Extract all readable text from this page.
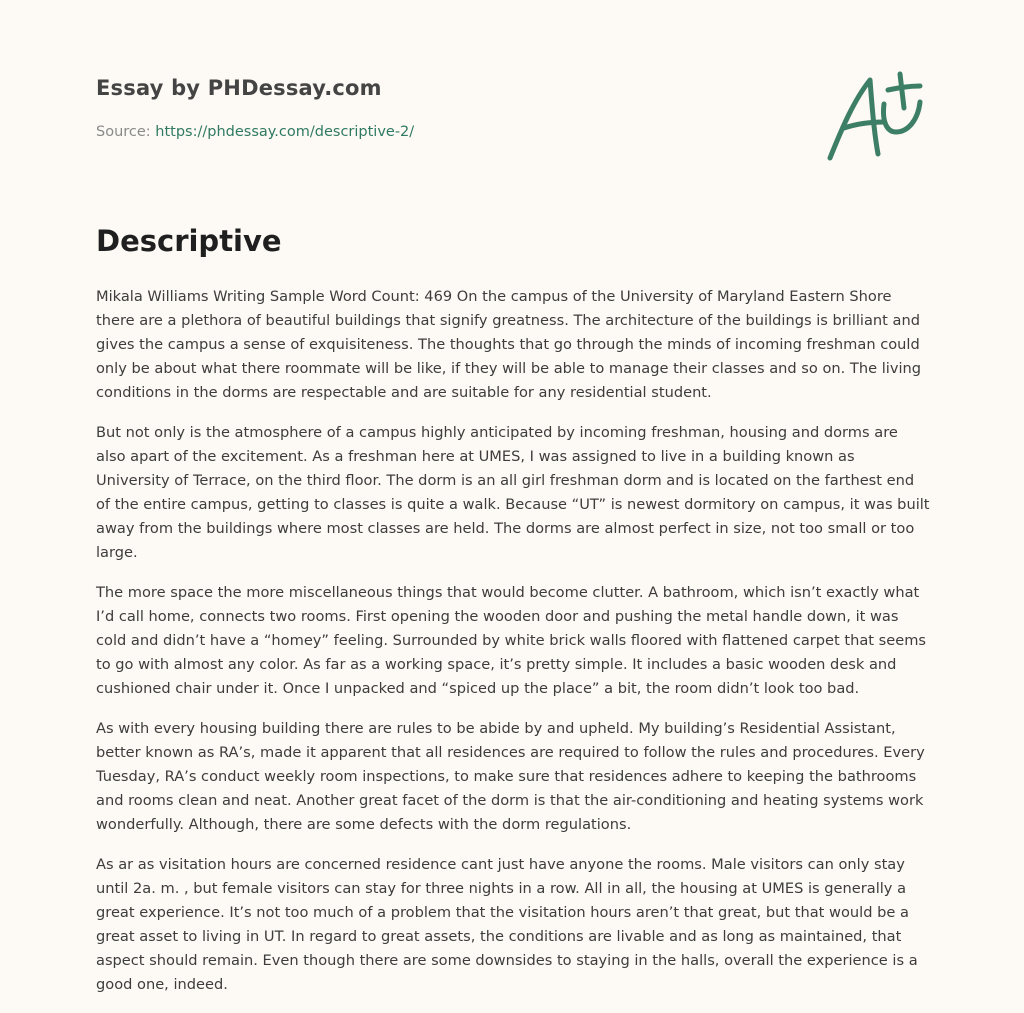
Essay by PHDessay.com

Source: https://phdessay.com/descriptive-2/

Descriptive

Mikala Williams Writing Sample Word Count: 469 On the campus of the University of Maryland Eastern Shore there are a plethora of beautiful buildings that signify greatness. The architecture of the buildings is brilliant and gives the campus a sense of exquisiteness. The thoughts that go through the minds of incoming freshman could only be about what there roommate will be like, if they will be able to manage their classes and so on. The living conditions in the dorms are respectable and are suitable for any residential student.

But not only is the atmosphere of a campus highly anticipated by incoming freshman, housing and dorms are also apart of the excitement. As a freshman here at UMES, I was assigned to live in a building known as University of Terrace, on the third floor. The dorm is an all girl freshman dorm and is located on the farthest end of the entire campus, getting to classes is quite a walk. Because “UT” is newest dormitory on campus, it was built away from the buildings where most classes are held. The dorms are almost perfect in size, not too small or too large.

The more space the more miscellaneous things that would become clutter. A bathroom, which isn’t exactly what I’d call home, connects two rooms. First opening the wooden door and pushing the metal handle down, it was cold and didn’t have a “homey” feeling. Surrounded by white brick walls floored with flattened carpet that seems to go with almost any color. As far as a working space, it’s pretty simple. It includes a basic wooden desk and cushioned chair under it. Once I unpacked and “spiced up the place” a bit, the room didn’t look too bad.

As with every housing building there are rules to be abide by and upheld. My building’s Residential Assistant, better known as RA’s, made it apparent that all residences are required to follow the rules and procedures. Every Tuesday, RA’s conduct weekly room inspections, to make sure that residences adhere to keeping the bathrooms and rooms clean and neat. Another great facet of the dorm is that the air-conditioning and heating systems work wonderfully. Although, there are some defects with the dorm regulations.

As ar as visitation hours are concerned residence cant just have anyone the rooms. Male visitors can only stay until 2a. m. , but female visitors can stay for three nights in a row. All in all, the housing at UMES is generally a great experience. It’s not too much of a problem that the visitation hours aren’t that great, but that would be a great asset to living in UT. In regard to great assets, the conditions are livable and as long as maintained, that aspect should remain. Even though there are some downsides to staying in the halls, overall the experience is a good one, indeed.
